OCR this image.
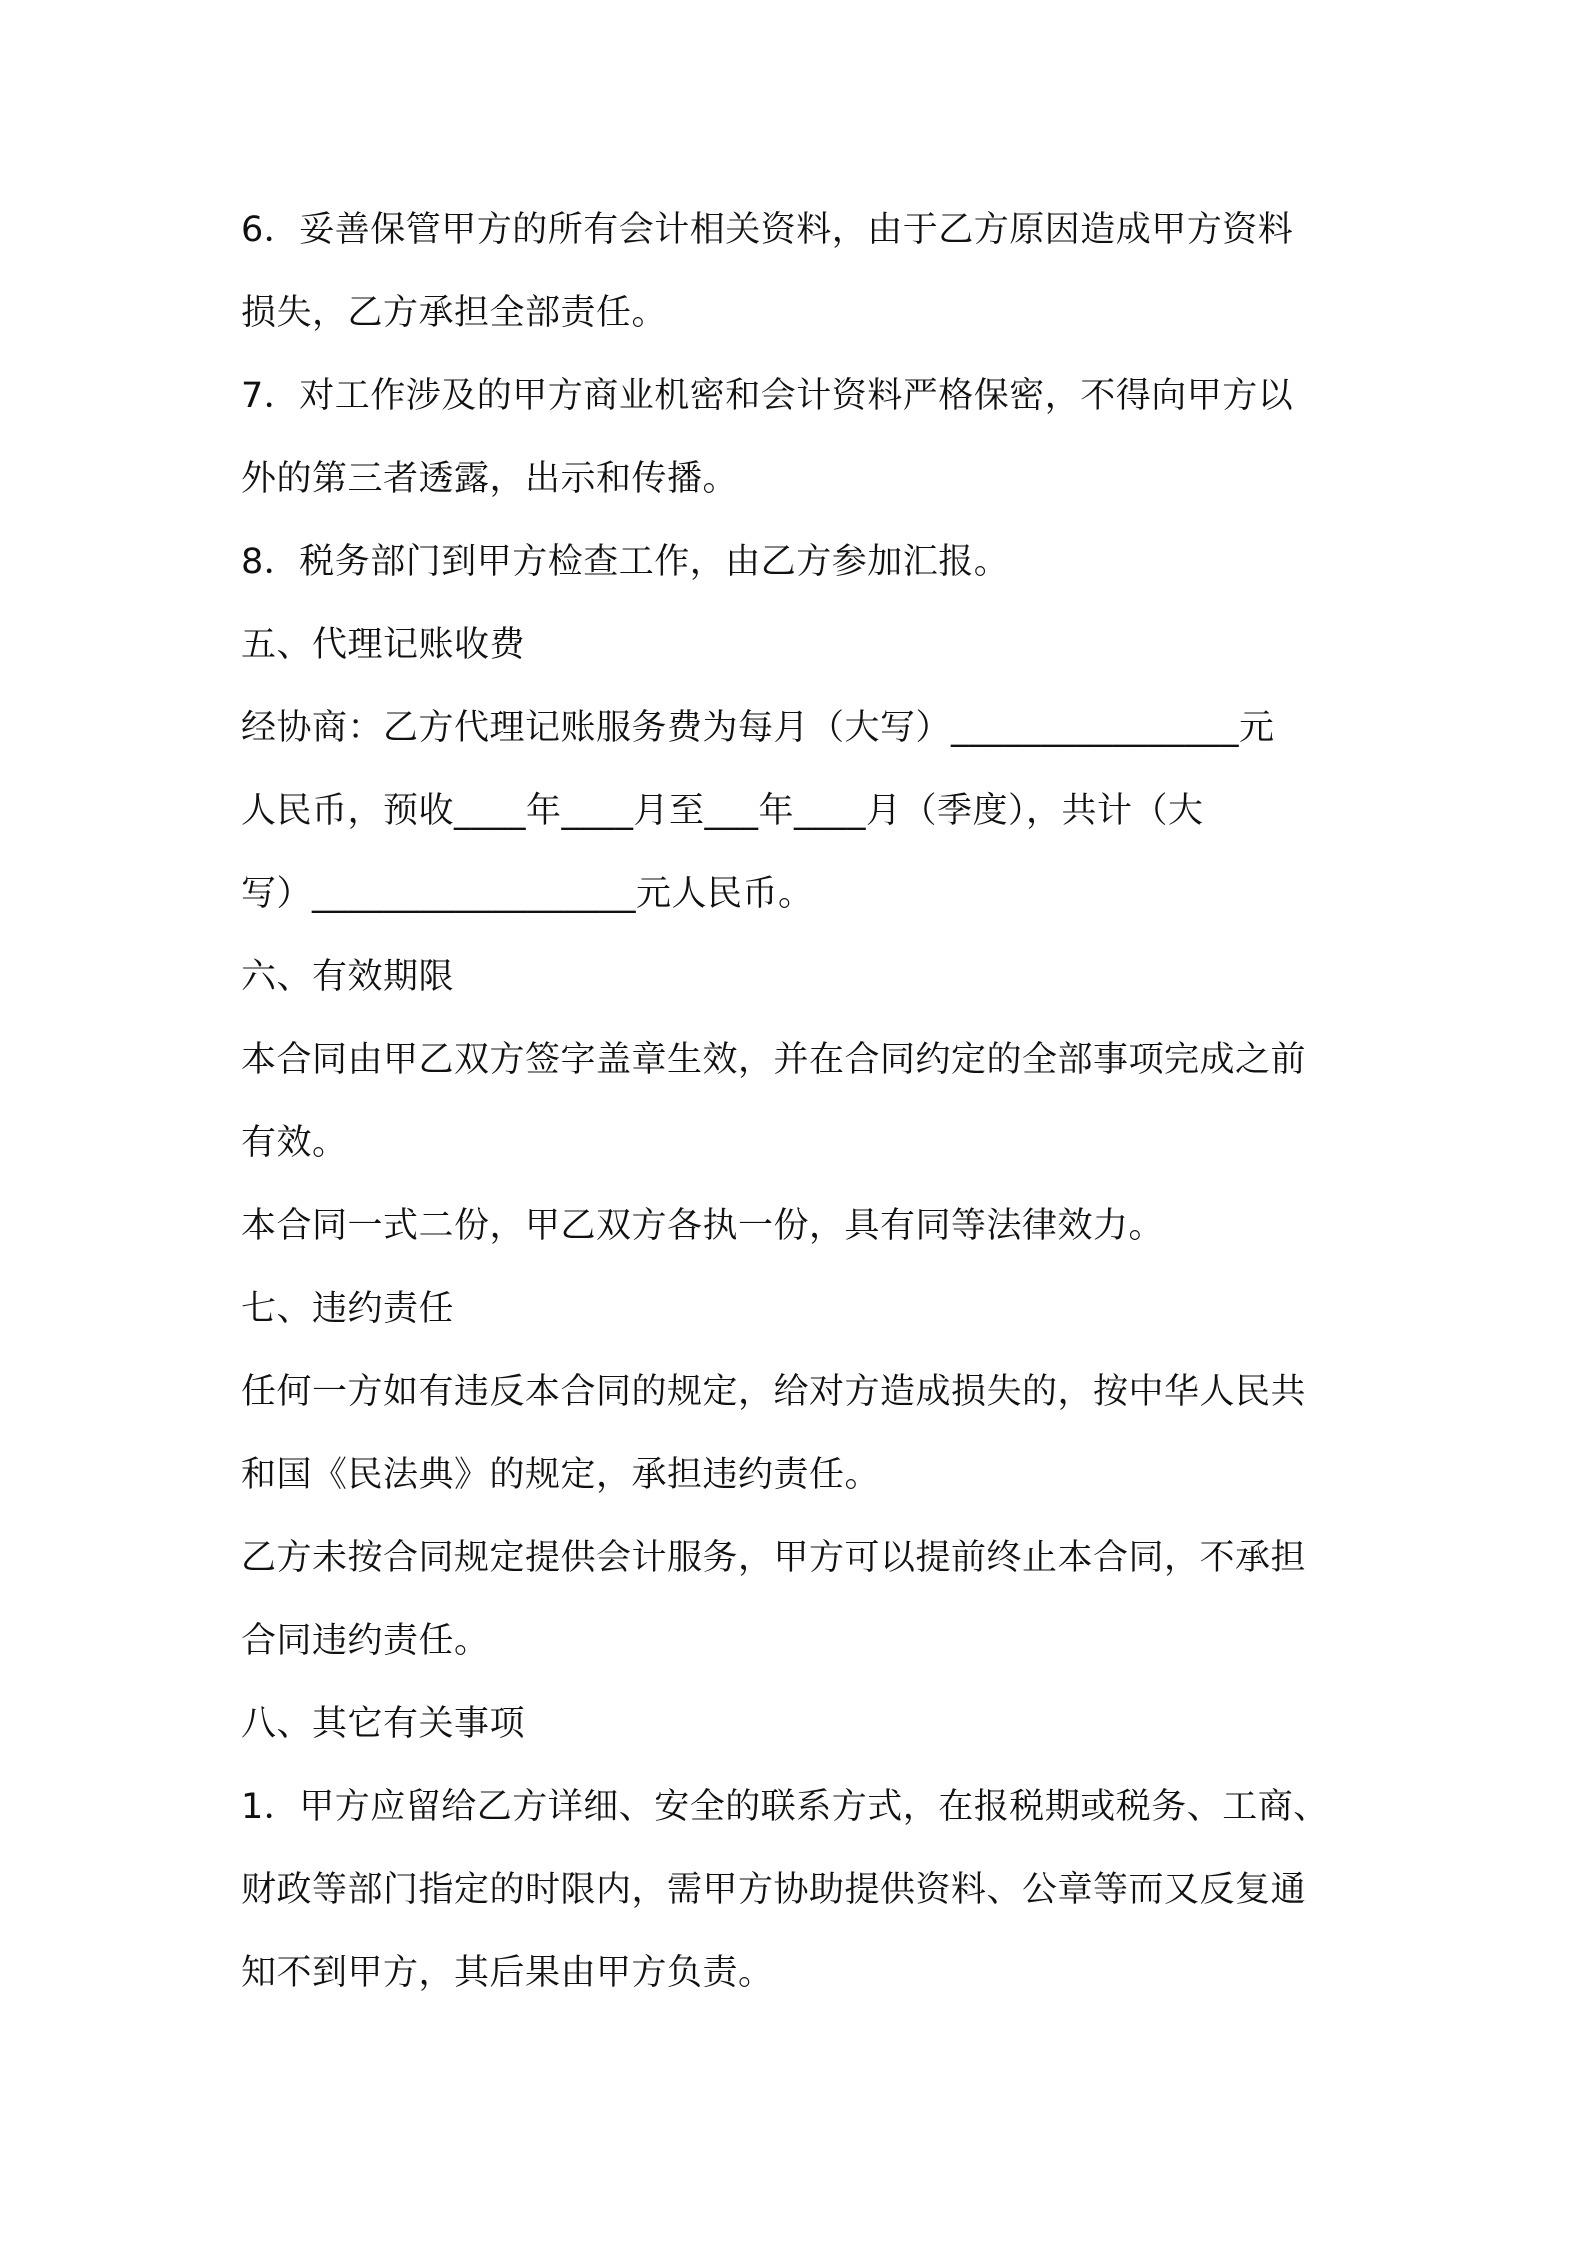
6．妥善保管甲方的所有会计相关资料，由于乙方原因造成甲方资料
损失，乙方承担全部责任。
7．对工作涉及的甲方商业机密和会计资料严格保密，不得向甲方以
外的第三者透露，出示和传播。
8．税务部门到甲方检查工作，由乙方参加汇报。
五、代理记账收费
经协商：乙方代理记账服务费为每月（大写）________________元
人民币，预收____年____月至___年____月（季度），共计（大
写）__________________元人民币。
六、有效期限
本合同由甲乙双方签字盖章生效，并在合同约定的全部事项完成之前
有效。
本合同一式二份，甲乙双方各执一份，具有同等法律效力。
七、违约责任
任何一方如有违反本合同的规定，给对方造成损失的，按中华人民共
和国《民法典》的规定，承担违约责任。
乙方未按合同规定提供会计服务，甲方可以提前终止本合同，不承担
合同违约责任。
八、其它有关事项
1．甲方应留给乙方详细、安全的联系方式，在报税期或税务、工商、
财政等部门指定的时限内，需甲方协助提供资料、公章等而又反复通
知不到甲方，其后果由甲方负责。
